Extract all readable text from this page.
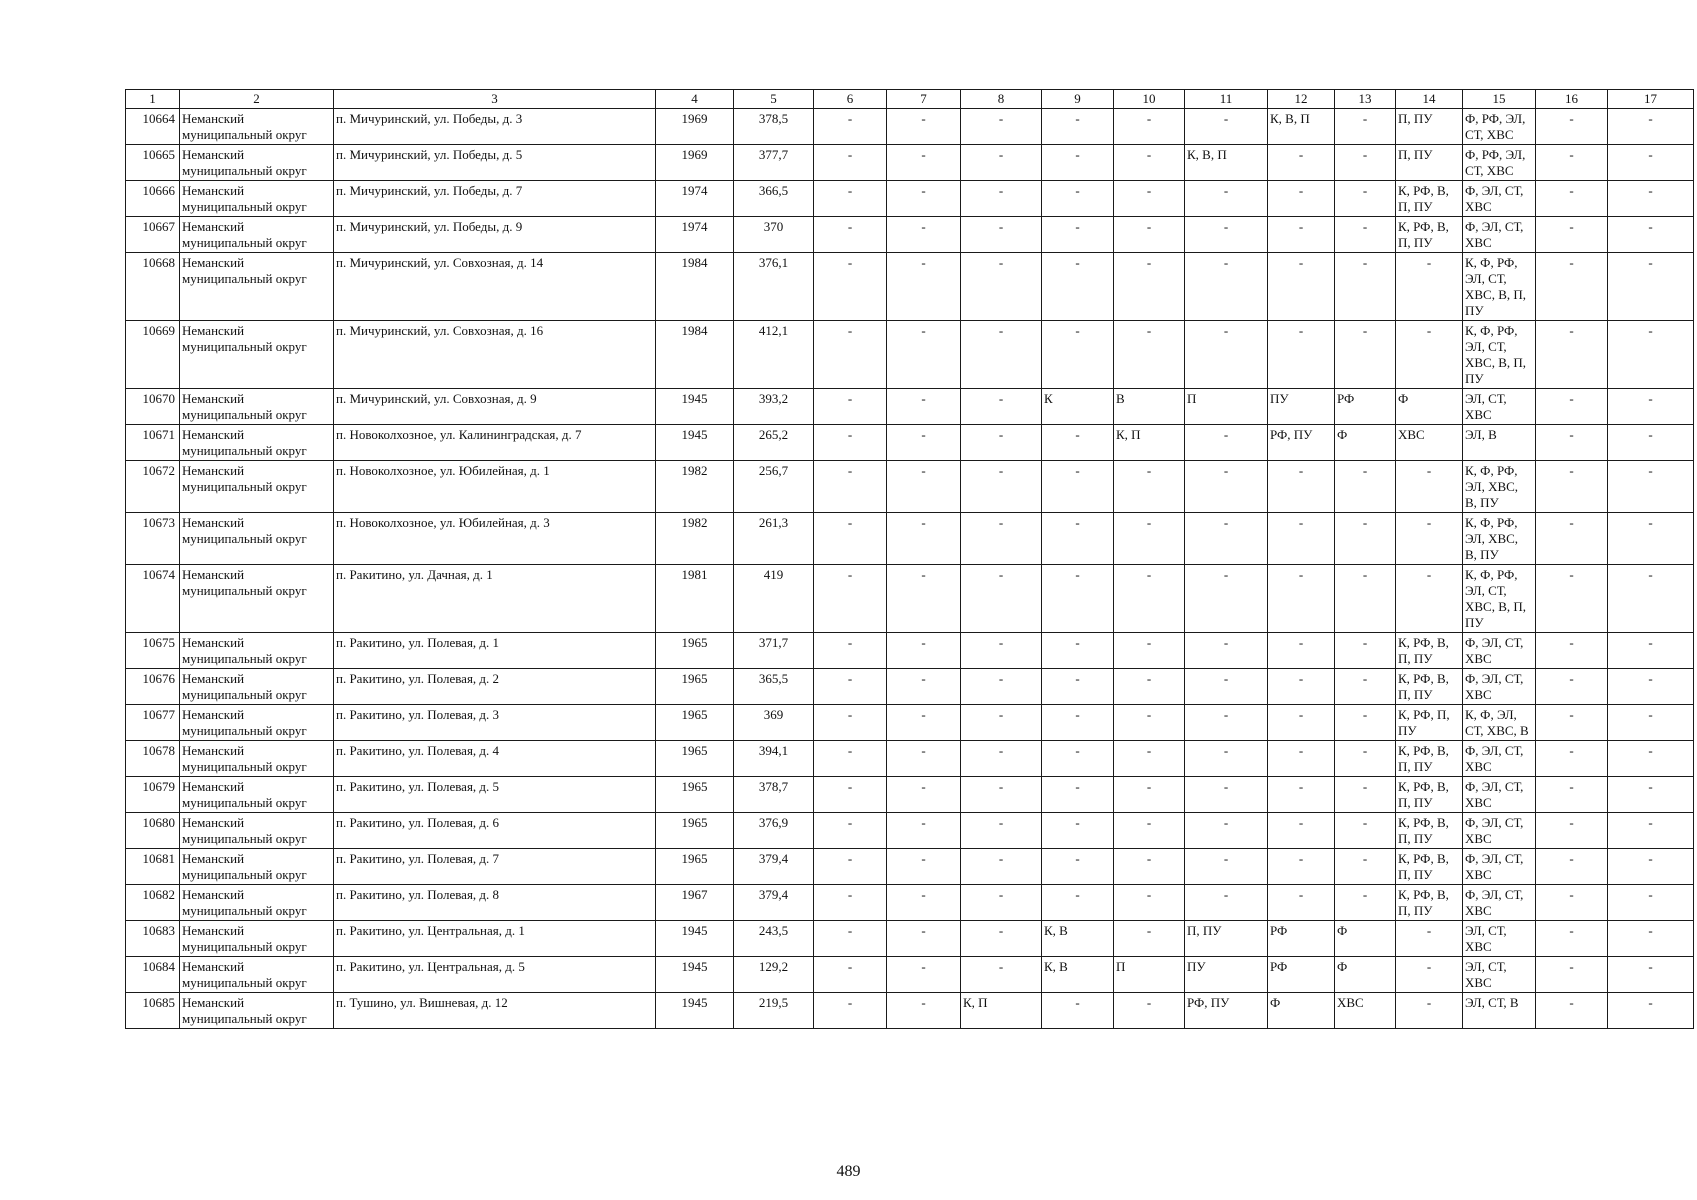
1	2	3	4	5	6	7	8	9	10	11	12	13	14	15	16	17
10664	Неманский муниципальный округ	п. Мичуринский, ул. Победы, д. 3	1969	378,5	-	-	-	-	-	-	К, В, П	-	П, ПУ	Ф, РФ, ЭЛ, СТ, ХВС	-	-
10665	Неманский муниципальный округ	п. Мичуринский, ул. Победы, д. 5	1969	377,7	-	-	-	-	-	К, В, П	-	-	П, ПУ	Ф, РФ, ЭЛ, СТ, ХВС	-	-
10666	Неманский муниципальный округ	п. Мичуринский, ул. Победы, д. 7	1974	366,5	-	-	-	-	-	-	-	-	К, РФ, В, П, ПУ	Ф, ЭЛ, СТ, ХВС	-	-
10667	Неманский муниципальный округ	п. Мичуринский, ул. Победы, д. 9	1974	370	-	-	-	-	-	-	-	-	К, РФ, В, П, ПУ	Ф, ЭЛ, СТ, ХВС	-	-
10668	Неманский муниципальный округ	п. Мичуринский, ул. Совхозная, д. 14	1984	376,1	-	-	-	-	-	-	-	-	-	К, Ф, РФ, ЭЛ, СТ, ХВС, В, П, ПУ	-	-
10669	Неманский муниципальный округ	п. Мичуринский, ул. Совхозная, д. 16	1984	412,1	-	-	-	-	-	-	-	-	-	К, Ф, РФ, ЭЛ, СТ, ХВС, В, П, ПУ	-	-
10670	Неманский муниципальный округ	п. Мичуринский, ул. Совхозная, д. 9	1945	393,2	-	-	-	К	В	П	ПУ	РФ	Ф	ЭЛ, СТ, ХВС	-	-
10671	Неманский муниципальный округ	п. Новоколхозное, ул. Калининградская, д. 7	1945	265,2	-	-	-	-	К, П	-	РФ, ПУ	Ф	ХВС	ЭЛ, В	-	-
10672	Неманский муниципальный округ	п. Новоколхозное, ул. Юбилейная, д. 1	1982	256,7	-	-	-	-	-	-	-	-	-	К, Ф, РФ, ЭЛ, ХВС, В, ПУ	-	-
10673	Неманский муниципальный округ	п. Новоколхозное, ул. Юбилейная, д. 3	1982	261,3	-	-	-	-	-	-	-	-	-	К, Ф, РФ, ЭЛ, ХВС, В, ПУ	-	-
10674	Неманский муниципальный округ	п. Ракитино, ул. Дачная, д. 1	1981	419	-	-	-	-	-	-	-	-	-	К, Ф, РФ, ЭЛ, СТ, ХВС, В, П, ПУ	-	-
10675	Неманский муниципальный округ	п. Ракитино, ул. Полевая, д. 1	1965	371,7	-	-	-	-	-	-	-	-	К, РФ, В, П, ПУ	Ф, ЭЛ, СТ, ХВС	-	-
10676	Неманский муниципальный округ	п. Ракитино, ул. Полевая, д. 2	1965	365,5	-	-	-	-	-	-	-	-	К, РФ, В, П, ПУ	Ф, ЭЛ, СТ, ХВС	-	-
10677	Неманский муниципальный округ	п. Ракитино, ул. Полевая, д. 3	1965	369	-	-	-	-	-	-	-	-	К, РФ, П, ПУ	К, Ф, ЭЛ, СТ, ХВС, В	-	-
10678	Неманский муниципальный округ	п. Ракитино, ул. Полевая, д. 4	1965	394,1	-	-	-	-	-	-	-	-	К, РФ, В, П, ПУ	Ф, ЭЛ, СТ, ХВС	-	-
10679	Неманский муниципальный округ	п. Ракитино, ул. Полевая, д. 5	1965	378,7	-	-	-	-	-	-	-	-	К, РФ, В, П, ПУ	Ф, ЭЛ, СТ, ХВС	-	-
10680	Неманский муниципальный округ	п. Ракитино, ул. Полевая, д. 6	1965	376,9	-	-	-	-	-	-	-	-	К, РФ, В, П, ПУ	Ф, ЭЛ, СТ, ХВС	-	-
10681	Неманский муниципальный округ	п. Ракитино, ул. Полевая, д. 7	1965	379,4	-	-	-	-	-	-	-	-	К, РФ, В, П, ПУ	Ф, ЭЛ, СТ, ХВС	-	-
10682	Неманский муниципальный округ	п. Ракитино, ул. Полевая, д. 8	1967	379,4	-	-	-	-	-	-	-	-	К, РФ, В, П, ПУ	Ф, ЭЛ, СТ, ХВС	-	-
10683	Неманский муниципальный округ	п. Ракитино, ул. Центральная, д. 1	1945	243,5	-	-	-	К, В	-	П, ПУ	РФ	Ф	-	ЭЛ, СТ, ХВС	-	-
10684	Неманский муниципальный округ	п. Ракитино, ул. Центральная, д. 5	1945	129,2	-	-	-	К, В	П	ПУ	РФ	Ф	-	ЭЛ, СТ, ХВС	-	-
10685	Неманский муниципальный округ	п. Тушино, ул. Вишневая, д. 12	1945	219,5	-	-	К, П	-	-	РФ, ПУ	Ф	ХВС	-	ЭЛ, СТ, В	-	-
489
